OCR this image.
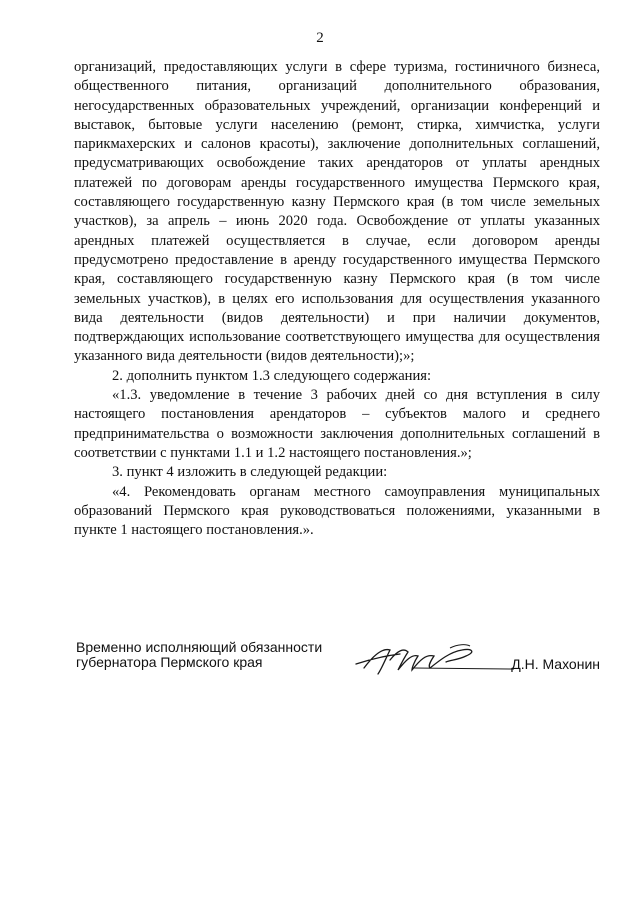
2

организаций, предоставляющих услуги в сфере туризма, гостиничного бизнеса, общественного питания, организаций дополнительного образования, негосударственных образовательных учреждений, организации конференций и выставок, бытовые услуги населению (ремонт, стирка, химчистка, услуги парикмахерских и салонов красоты), заключение дополнительных соглашений, предусматривающих освобождение таких арендаторов от уплаты арендных платежей по договорам аренды государственного имущества Пермского края, составляющего государственную казну Пермского края (в том числе земельных участков), за апрель – июнь 2020 года. Освобождение от уплаты указанных арендных платежей осуществляется в случае, если договором аренды предусмотрено предоставление в аренду государственного имущества Пермского края, составляющего государственную казну Пермского края (в том числе земельных участков), в целях его использования для осуществления указанного вида деятельности (видов деятельности) и при наличии документов, подтверждающих использование соответствующего имущества для осуществления указанного вида деятельности (видов деятельности);»;

2. дополнить пунктом 1.3 следующего содержания:

«1.3. уведомление в течение 3 рабочих дней со дня вступления в силу настоящего постановления арендаторов – субъектов малого и среднего предпринимательства о возможности заключения дополнительных соглашений в соответствии с пунктами 1.1 и 1.2 настоящего постановления.»;

3. пункт 4 изложить в следующей редакции:

«4. Рекомендовать органам местного самоуправления муниципальных образований Пермского края руководствоваться положениями, указанными в пункте 1 настоящего постановления.».

Временно исполняющий обязанности
губернатора Пермского края	Д.Н. Махонин
